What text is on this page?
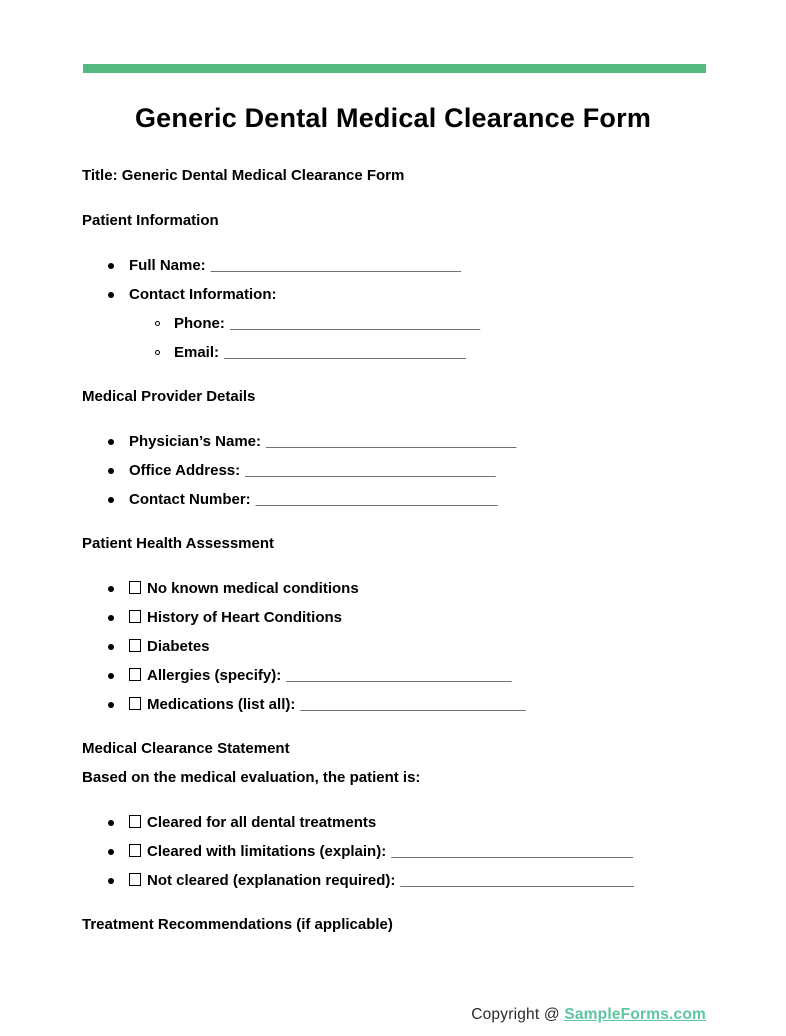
Generic Dental Medical Clearance Form

Title: Generic Dental Medical Clearance Form

Patient Information

Full Name: ______________________________
Contact Information:
Phone: ______________________________
Email: _____________________________

Medical Provider Details

Physician’s Name: ______________________________
Office Address: ______________________________
Contact Number: _____________________________

Patient Health Assessment

No known medical conditions
History of Heart Conditions
Diabetes
Allergies (specify): ___________________________
Medications (list all): ___________________________

Medical Clearance Statement

Based on the medical evaluation, the patient is:

Cleared for all dental treatments
Cleared with limitations (explain): _____________________________
Not cleared (explanation required): ____________________________

Treatment Recommendations (if applicable)

Copyright @ SampleForms.com
